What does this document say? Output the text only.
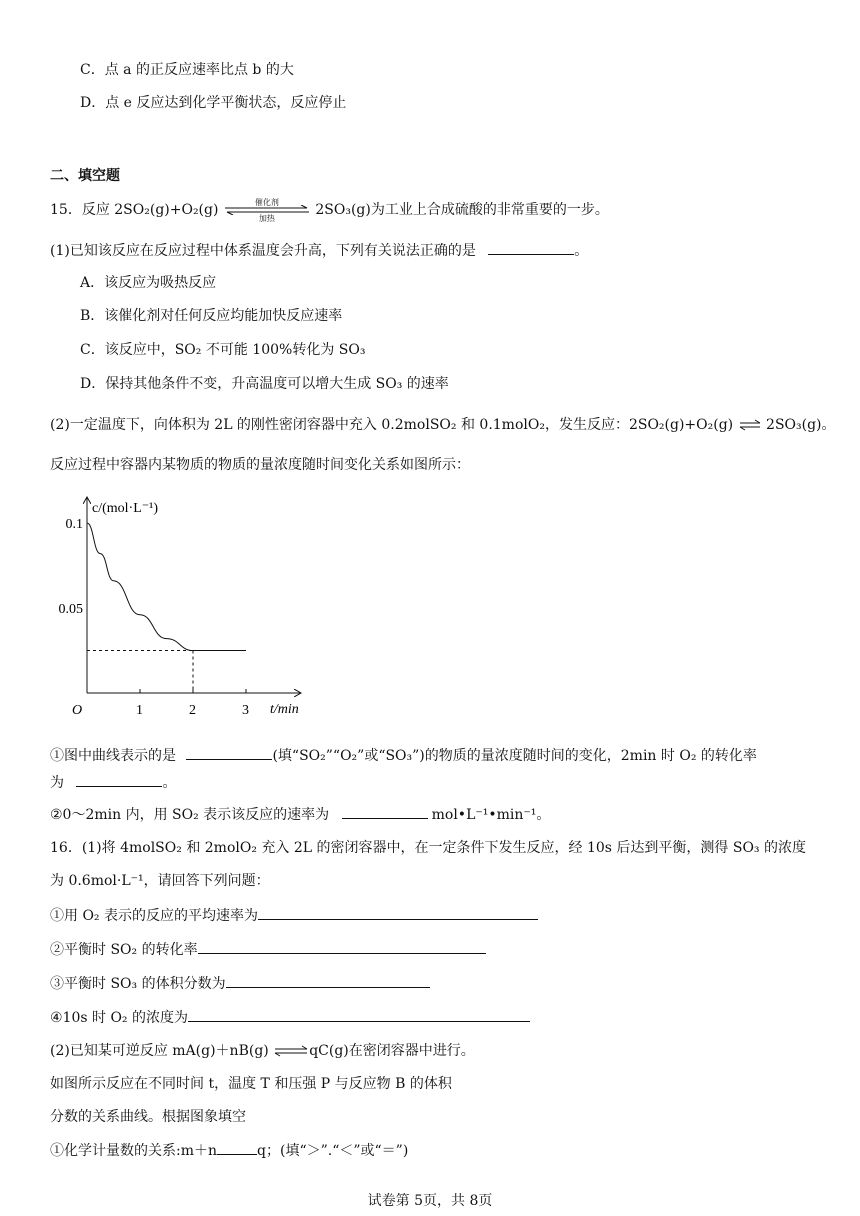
C．点 a 的正反应速率比点 b 的大
D．点 e 反应达到化学平衡状态，反应停止
二、填空题
15．反应 2SO₂(g)+O₂(g)	催化剂
加热
2SO₃(g)为工业上合成硫酸的非常重要的一步。
(1)已知该反应在反应过程中体系温度会升高，下列有关说法正确的是	。
A．该反应为吸热反应
B．该催化剂对任何反应均能加快反应速率
C．该反应中，SO₂ 不可能 100%转化为 SO₃
D．保持其他条件不变，升高温度可以增大生成 SO₃ 的速率
(2)一定温度下，向体积为 2L 的刚性密闭容器中充入 0.2molSO₂ 和 0.1molO₂，发生反应：2SO₂(g)+O₂(g) ⇌ 2SO₃(g)。
反应过程中容器内某物质的物质的量浓度随时间变化关系如图所示：
1	2	3
0.05
0.1
c/(mol·L⁻¹)
t/min
O
①图中曲线表示的是	(填“SO₂”“O₂”或“SO₃”)的物质的量浓度随时间的变化，2min 时 O₂ 的转化率
为	。
②0～2min 内，用 SO₂ 表示该反应的速率为	mol•L⁻¹•min⁻¹。
16．(1)将 4molSO₂ 和 2molO₂ 充入 2L 的密闭容器中，在一定条件下发生反应，经 10s 后达到平衡，测得 SO₃ 的浓度
为 0.6mol·L⁻¹，请回答下列问题：
①用 O₂ 表示的反应的平均速率为
②平衡时 SO₂ 的转化率
③平衡时 SO₃ 的体积分数为
④10s 时 O₂ 的浓度为
(2)已知某可逆反应 mA(g)＋nB(g) ⇌qC(g)在密闭容器中进行。
如图所示反应在不同时间 t，温度 T 和压强 P 与反应物 B 的体积
分数的关系曲线。根据图象填空
①化学计量数的关系:m＋n	q；(填“＞”.“＜”或“＝”)
试卷第 5页，共 8页
